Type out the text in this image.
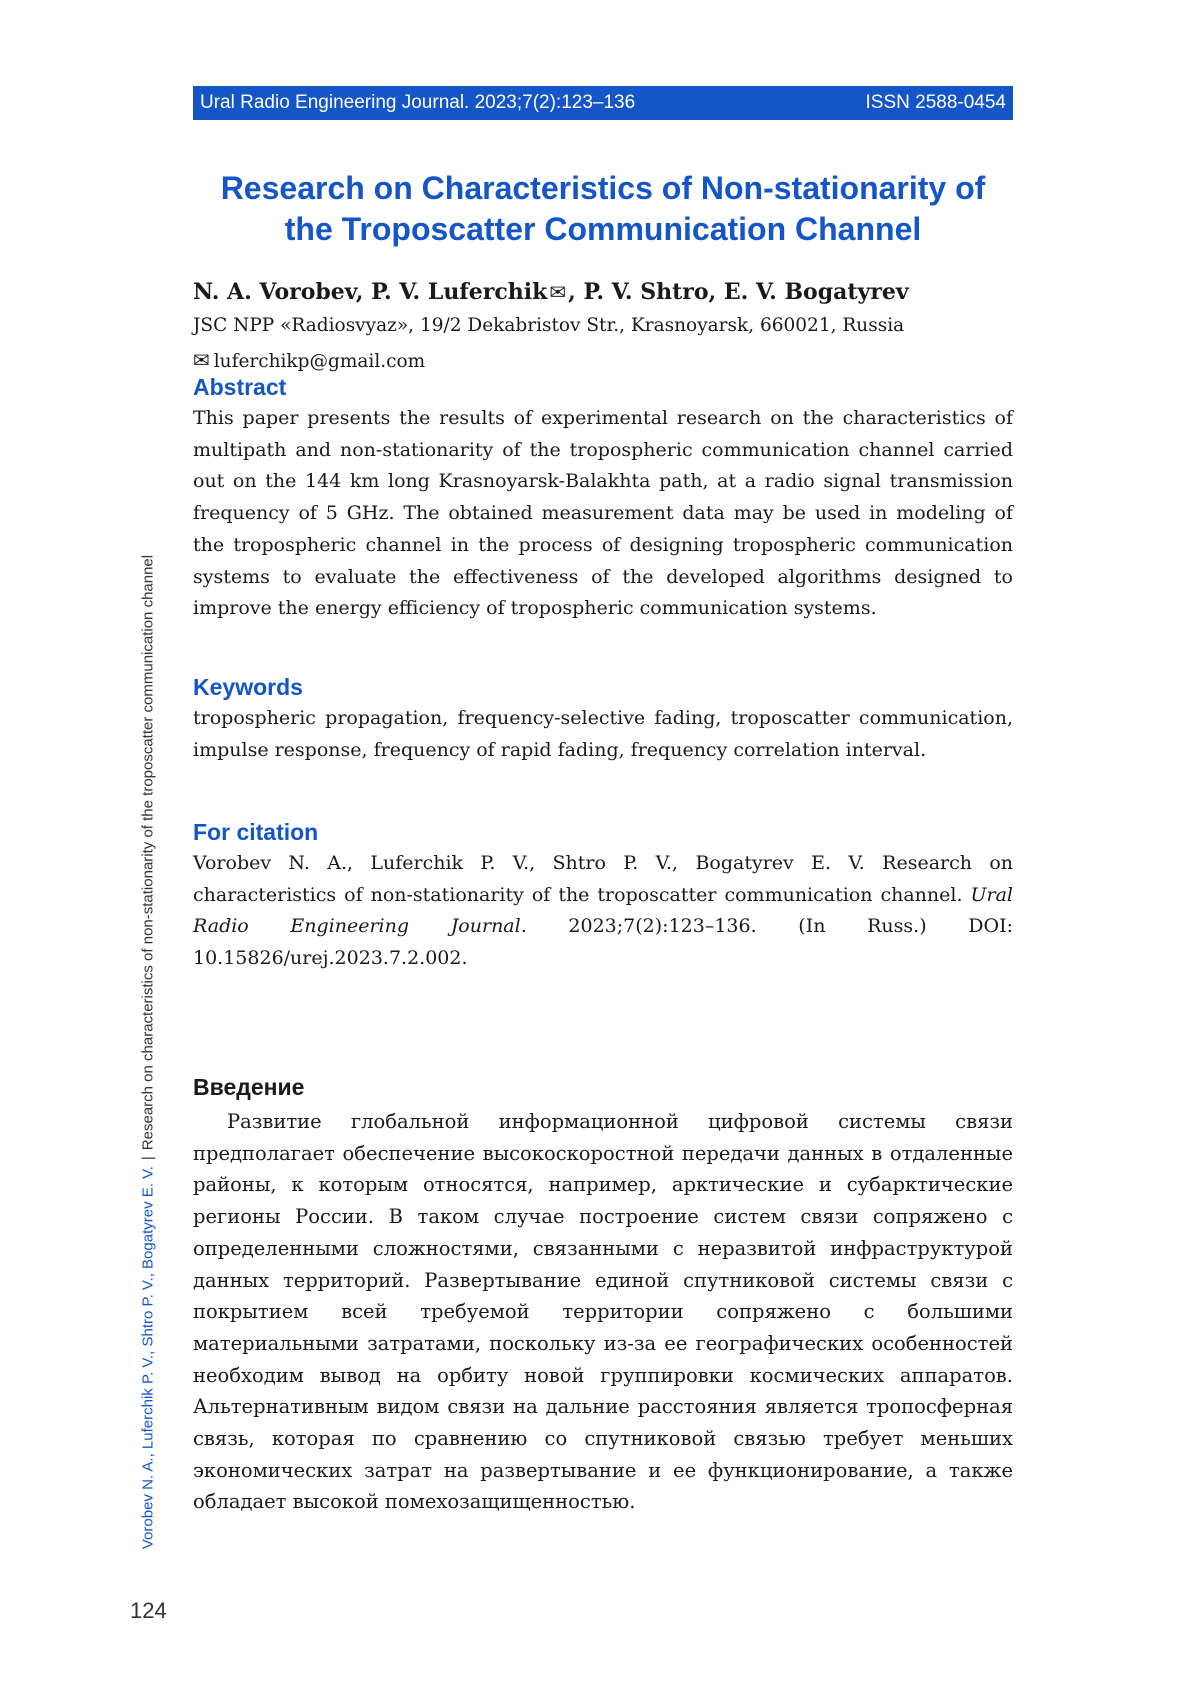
Ural Radio Engineering Journal. 2023;7(2):123–136	ISSN 2588-0454
Research on Characteristics of Non-stationarity of the Troposcatter Communication Channel
N. A. Vorobev, P. V. Luferchik ✉, P. V. Shtro, E. V. Bogatyrev
JSC NPP «Radiosvyaz», 19/2 Dekabristov Str., Krasnoyarsk, 660021, Russia
✉ luferchikp@gmail.com
Abstract

This paper presents the results of experimental research on the characteristics of multipath and non-stationarity of the tropospheric communication channel carried out on the 144 km long Krasnoyarsk-Balakhta path, at a radio signal transmission frequency of 5 GHz. The obtained measurement data may be used in modeling of the tropospheric channel in the process of designing tropospheric communication systems to evaluate the effectiveness of the developed algorithms designed to improve the energy efficiency of tropospheric communication systems.

Keywords

tropospheric propagation, frequency-selective fading, troposcatter communication, impulse response, frequency of rapid fading, frequency correlation interval.

For citation

Vorobev N. A., Luferchik P. V., Shtro P. V., Bogatyrev E. V. Research on characteristics of non-stationarity of the troposcatter communication channel. Ural Radio Engineering Journal. 2023;7(2):123–136. (In Russ.) DOI: 10.15826/urej.2023.7.2.002.

Введение

Развитие глобальной информационной цифровой системы связи предполагает обеспечение высокоскоростной передачи данных в отдаленные районы, к которым относятся, например, арктические и субарктические регионы России. В таком случае построение систем связи сопряжено с определенными сложностями, связанными с неразвитой инфраструктурой данных территорий. Развертывание единой спутниковой системы связи с покрытием всей требуемой территории сопряжено с большими материальными затратами, поскольку из-за ее географических особенностей необходим вывод на орбиту новой группировки космических аппаратов. Альтернативным видом связи на дальние расстояния является тропосферная связь, которая по сравнению со спутниковой связью требует меньших экономических затрат на развертывание и ее функционирование, а также обладает высокой помехозащищенностью.

Vorobev N. A., Luferchik P. V., Shtro P. V., Bogatyrev E. V.|Research on characteristics of non-stationarity of the troposcatter communication channel
124
